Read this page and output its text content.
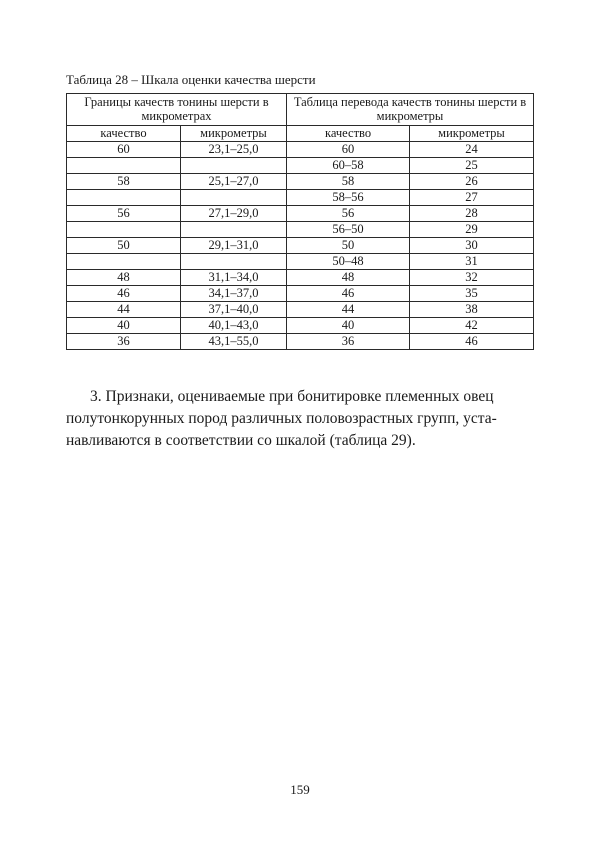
Таблица 28 – Шкала оценки качества шерсти
Границы качеств тонины шерсти в микрометрах		Таблица перевода качеств тонины шерсти в микрометры	
качество	микрометры	качество	микрометры
60	23,1–25,0	60	24
		60–58	25
58	25,1–27,0	58	26
		58–56	27
56	27,1–29,0	56	28
		56–50	29
50	29,1–31,0	50	30
		50–48	31
48	31,1–34,0	48	32
46	34,1–37,0	46	35
44	37,1–40,0	44	38
40	40,1–43,0	40	42
36	43,1–55,0	36	46
3. Признаки, оцениваемые при бонитировке племенных овец
полутонкорунных пород различных половозрастных групп, уста-
навливаются в соответствии со шкалой (таблица 29).
159
